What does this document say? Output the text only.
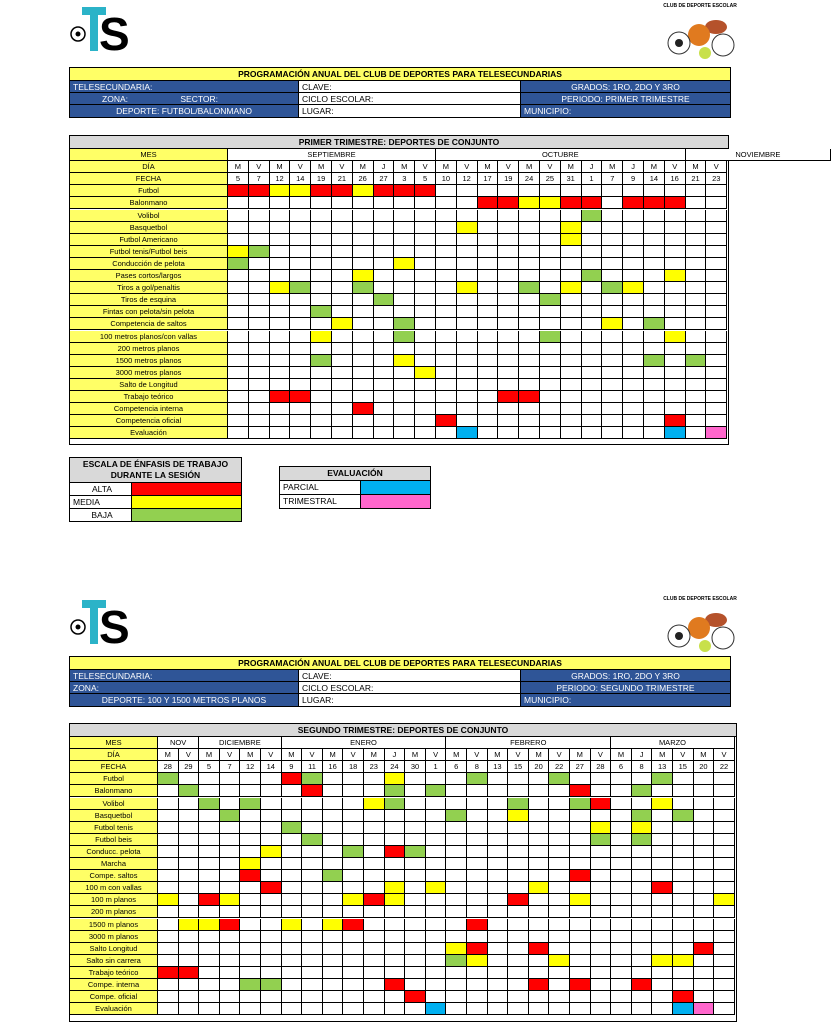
S
CLUB DE DEPORTE ESCOLAR
PROGRAMACIÓN ANUAL DEL CLUB DE DEPORTES PARA TELESECUNDARIAS
TELESECUNDARIA:	CLAVE:	GRADOS: 1RO, 2DO Y 3RO
ZONA:	SECTOR:	CICLO ESCOLAR:	PERIODO: PRIMER TRIMESTRE
DEPORTE: FUTBOL/BALONMANO	LUGAR:	MUNICIPIO:
PRIMER TRIMESTRE: DEPORTES DE CONJUNTO
MES	SEPTIEMBRE	OCTUBRE	NOVIEMBRE
DÍA	M	V	M	V	M	V	M	J	M	V	M	V	M	V	M	V	M	J	M	J	M	V	M	V
FECHA	5	7	12	14	19	21	26	27	3	5	10	12	17	19	24	25	31	1	7	9	14	16	21	23
Futbol
Balonmano
Volibol
Basquetbol
Futbol Americano
Futbol tenis/Futbol beis
Conducción de pelota
Pases cortos/largos
Tiros a gol/penaltis
Tiros de esquina
Fintas con pelota/sin pelota
Competencia de saltos
100 metros planos/con vallas
200 metros planos
1500 metros planos
3000 metros planos
Salto de Longitud
Trabajo teórico
Competencia interna
Competencia oficial
Evaluación
ESCALA DE ÉNFASIS DE TRABAJO
DURANTE LA SESIÓN
ALTA
MEDIA
BAJA
EVALUACIÓN
PARCIAL
TRIMESTRAL
S
CLUB DE DEPORTE ESCOLAR
PROGRAMACIÓN ANUAL DEL CLUB DE DEPORTES PARA TELESECUNDARIAS
TELESECUNDARIA:	CLAVE:	GRADOS: 1RO, 2DO Y 3RO
ZONA:	CICLO ESCOLAR:	PERIODO: SEGUNDO TRIMESTRE
DEPORTE: 100 Y 1500 METROS PLANOS	LUGAR:	MUNICIPIO:
SEGUNDO TRIMESTRE: DEPORTES DE CONJUNTO
MES	NOV	DICIEMBRE	ENERO	FEBRERO	MARZO
DÍA	M	V	M	V	M	V	M	V	M	V	M	J	M	V	M	V	M	V	M	V	M	V	M	J	M	V	M	V
FECHA	28	29	5	7	12	14	9	11	16	18	23	24	30	1	6	8	13	15	20	22	27	28	6	8	13	15	20	22
Futbol
Balonmano
Volibol
Basquetbol
Futbol tenis
Futbol beis
Conducc. pelota
Marcha
Compe. saltos
100 m con vallas
100 m planos
200 m planos
1500 m planos
3000 m planos
Salto Longitud
Salto sin carrera
Trabajo teórico
Compe. interna
Compe. oficial
Evaluación
